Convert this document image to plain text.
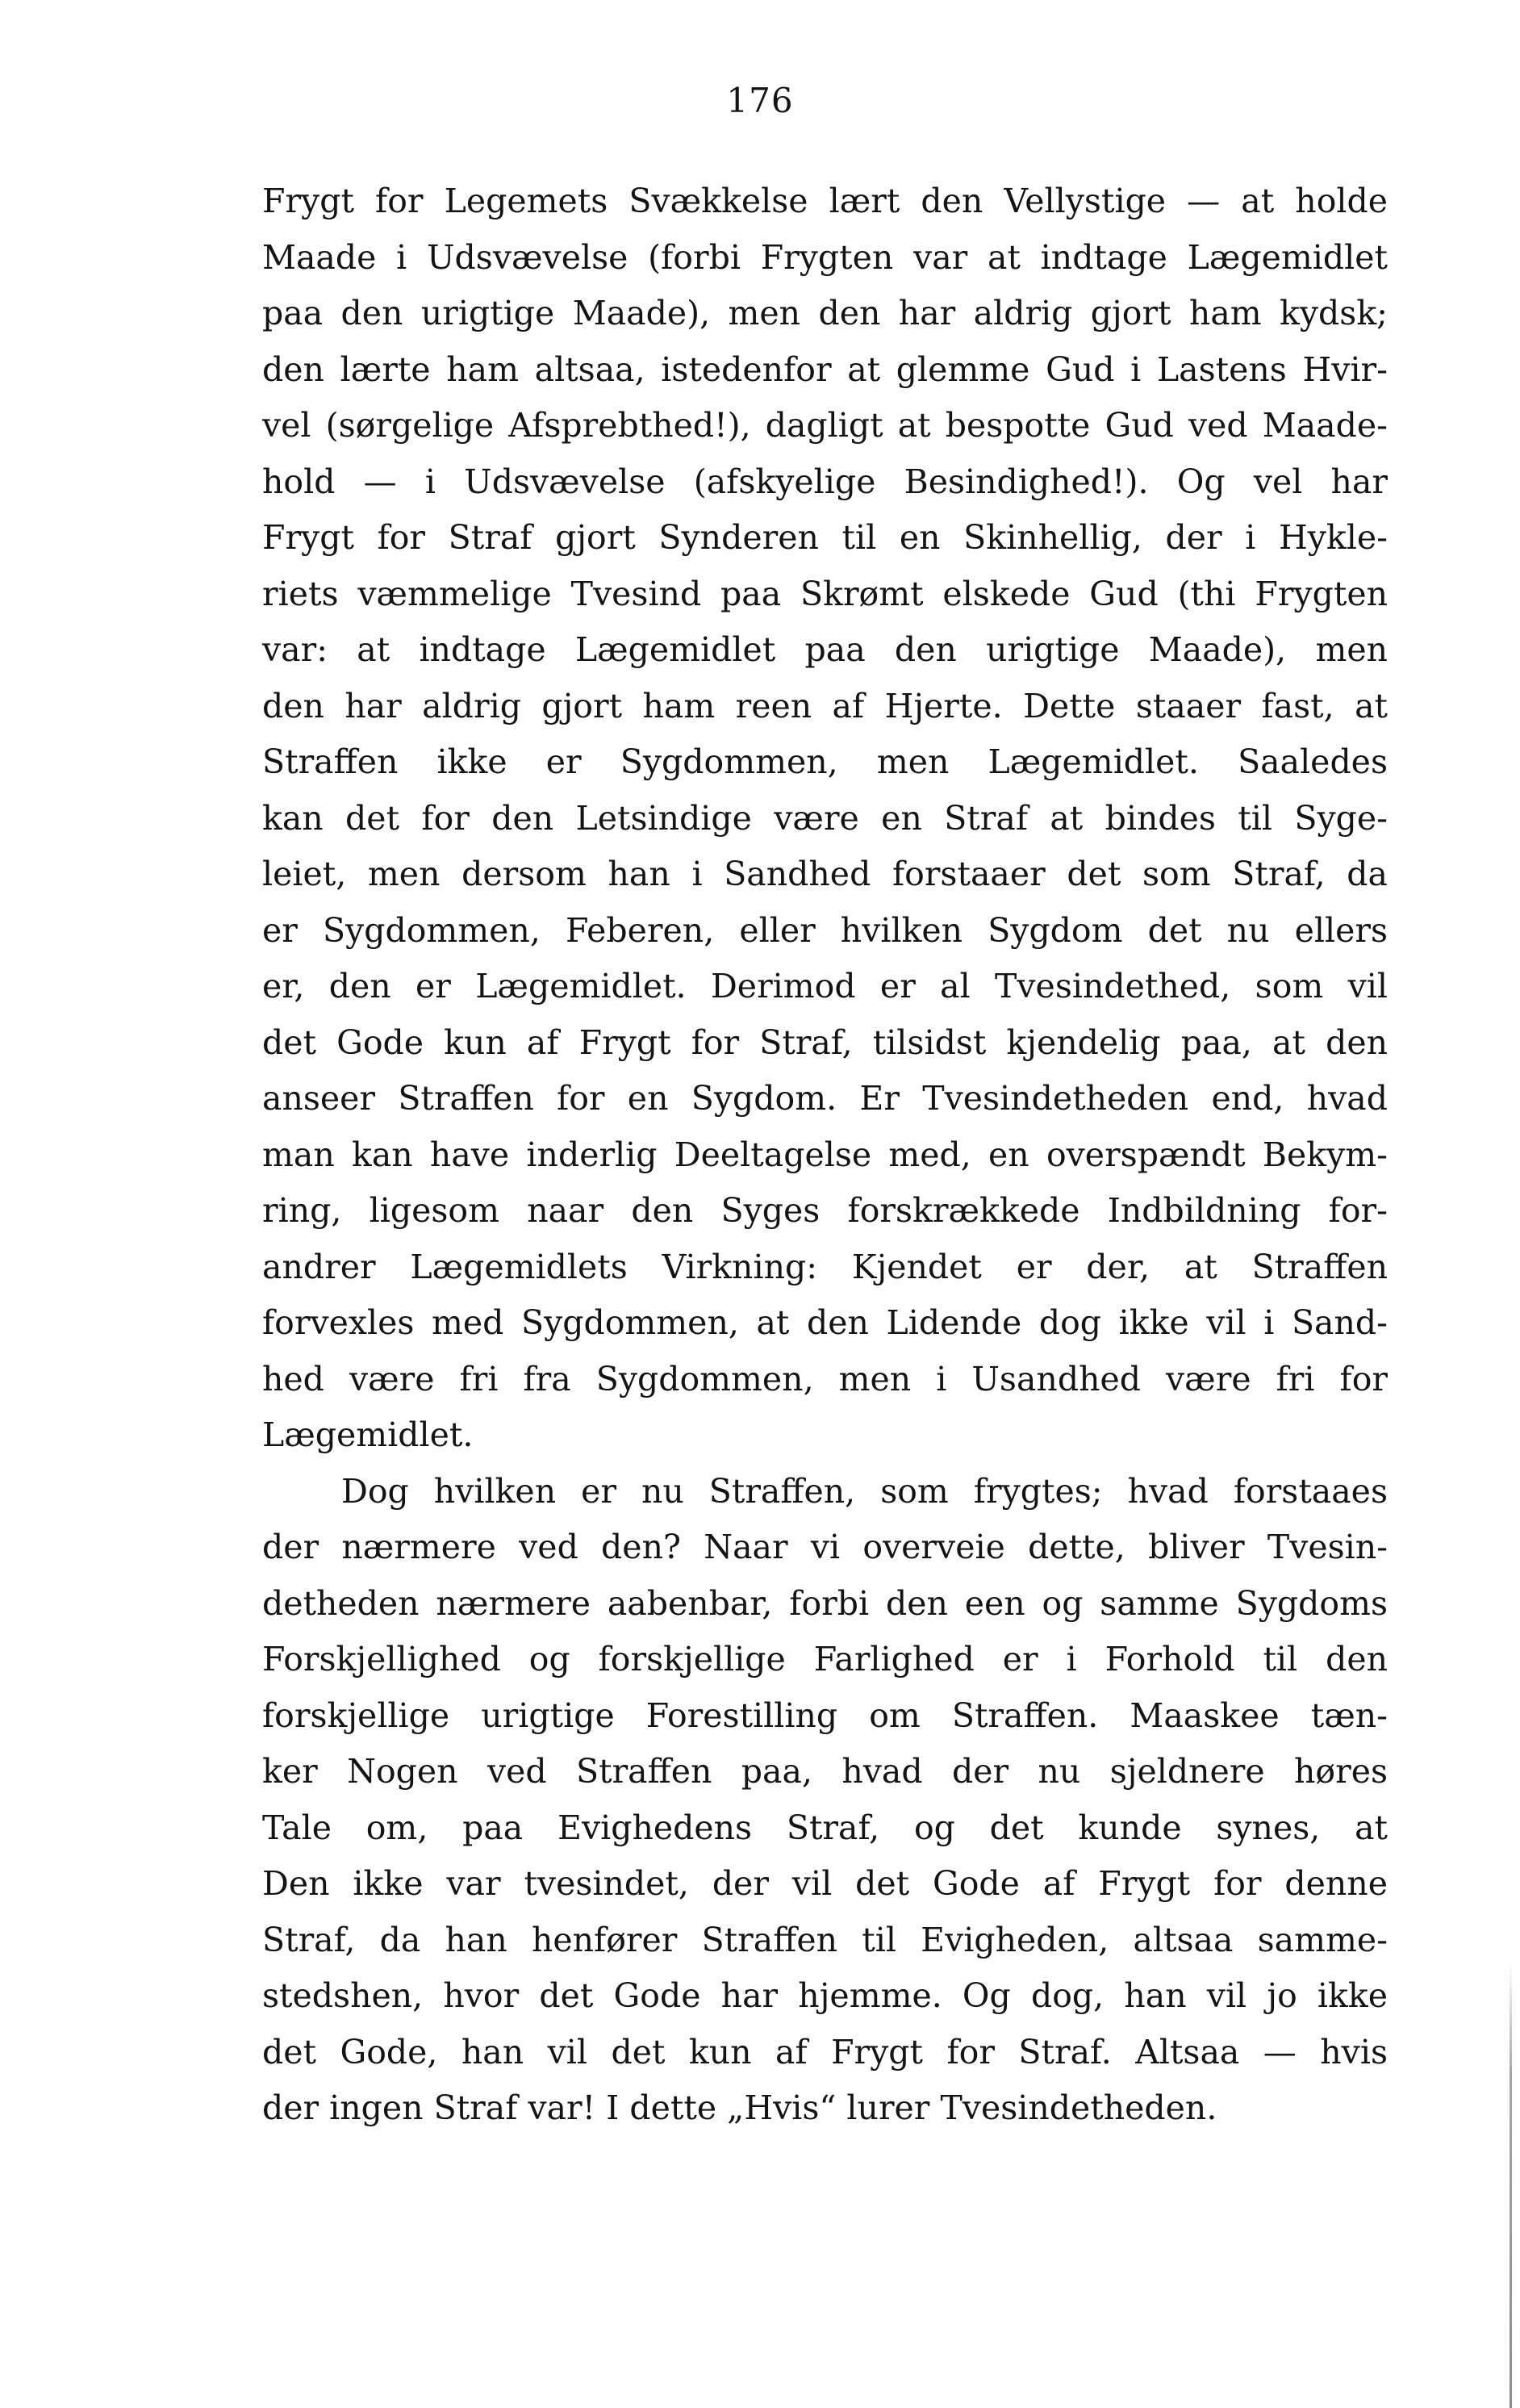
176
Frygt for Legemets Svækkelse lært den Vellystige — at holde
Maade i Udsvævelse (forbi Frygten var at indtage Lægemidlet
paa den urigtige Maade), men den har aldrig gjort ham kydsk;
den lærte ham altsaa, istedenfor at glemme Gud i Lastens Hvir-
vel (sørgelige Afsprebthed!), dagligt at bespotte Gud ved Maade-
hold — i Udsvævelse (afskyelige Besindighed!). Og vel har
Frygt for Straf gjort Synderen til en Skinhellig, der i Hykle-
riets væmmelige Tvesind paa Skrømt elskede Gud (thi Frygten
var: at indtage Lægemidlet paa den urigtige Maade), men
den har aldrig gjort ham reen af Hjerte. Dette staaer fast, at
Straffen ikke er Sygdommen, men Lægemidlet. Saaledes
kan det for den Letsindige være en Straf at bindes til Syge-
leiet, men dersom han i Sandhed forstaaer det som Straf, da
er Sygdommen, Feberen, eller hvilken Sygdom det nu ellers
er, den er Lægemidlet. Derimod er al Tvesindethed, som vil
det Gode kun af Frygt for Straf, tilsidst kjendelig paa, at den
anseer Straffen for en Sygdom. Er Tvesindetheden end, hvad
man kan have inderlig Deeltagelse med, en overspændt Bekym-
ring, ligesom naar den Syges forskrækkede Indbildning for-
andrer Lægemidlets Virkning: Kjendet er der, at Straffen
forvexles med Sygdommen, at den Lidende dog ikke vil i Sand-
hed være fri fra Sygdommen, men i Usandhed være fri for
Lægemidlet.
Dog hvilken er nu Straffen, som frygtes; hvad forstaaes
der nærmere ved den? Naar vi overveie dette, bliver Tvesin-
detheden nærmere aabenbar, forbi den een og samme Sygdoms
Forskjellighed og forskjellige Farlighed er i Forhold til den
forskjellige urigtige Forestilling om Straffen. Maaskee tæn-
ker Nogen ved Straffen paa, hvad der nu sjeldnere høres
Tale om, paa Evighedens Straf, og det kunde synes, at
Den ikke var tvesindet, der vil det Gode af Frygt for denne
Straf, da han henfører Straffen til Evigheden, altsaa samme-
stedshen, hvor det Gode har hjemme. Og dog, han vil jo ikke
det Gode, han vil det kun af Frygt for Straf. Altsaa — hvis
der ingen Straf var! I dette „Hvis“ lurer Tvesindetheden.
